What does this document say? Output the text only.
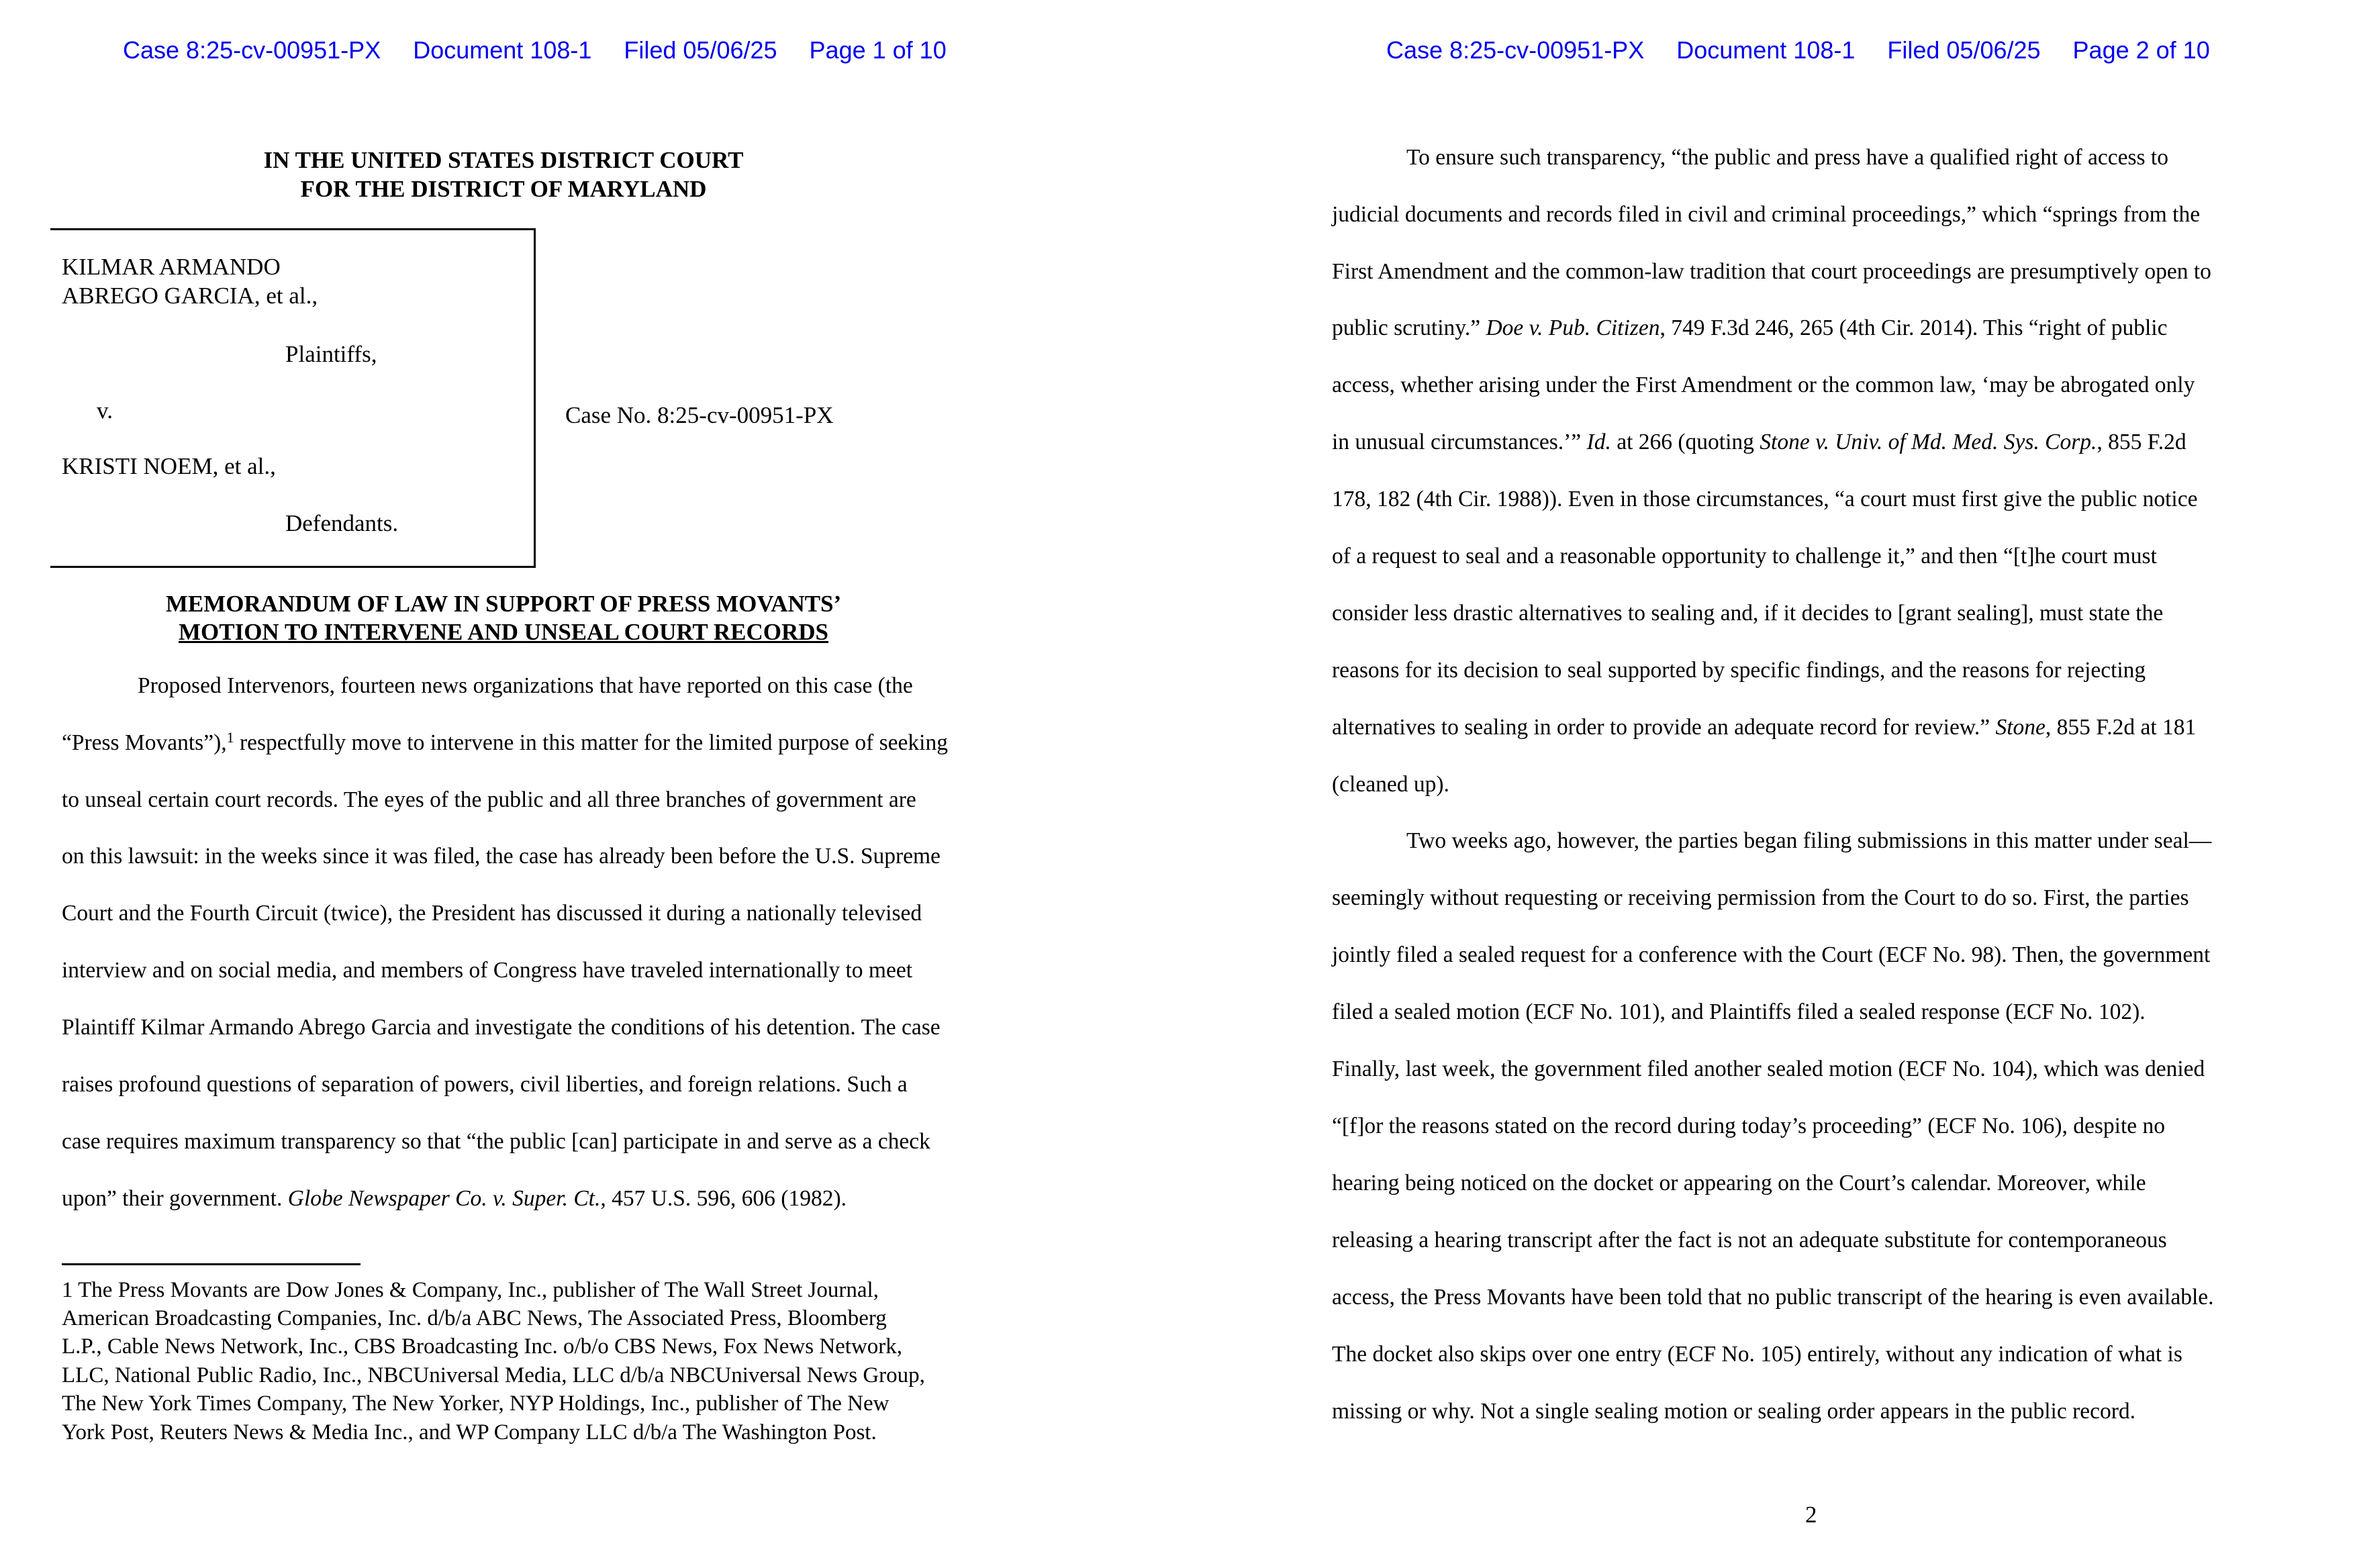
Case 8:25-cv-00951-PX Document 108-1 Filed 05/06/25 Page 1 of 10
IN THE UNITED STATES DISTRICT COURT
FOR THE DISTRICT OF MARYLAND
KILMAR ARMANDO
ABREGO GARCIA, et al.,
Plaintiffs,
v.
KRISTI NOEM, et al.,
Defendants.
Case No. 8:25-cv-00951-PX
MEMORANDUM OF LAW IN SUPPORT OF PRESS MOVANTS’
MOTION TO INTERVENE AND UNSEAL COURT RECORDS
Proposed Intervenors, fourteen news organizations that have reported on this case (the
“Press Movants”),$^1$ respectfully move to intervene in this matter for the limited purpose of seeking
to unseal certain court records. The eyes of the public and all three branches of government are
on this lawsuit: in the weeks since it was filed, the case has already been before the U.S. Supreme
Court and the Fourth Circuit (twice), the President has discussed it during a nationally televised
interview and on social media, and members of Congress have traveled internationally to meet
Plaintiff Kilmar Armando Abrego Garcia and investigate the conditions of his detention. The case
raises profound questions of separation of powers, civil liberties, and foreign relations. Such a
case requires maximum transparency so that “the public [can] participate in and serve as a check
upon” their government. Globe Newspaper Co. v. Super. Ct., 457 U.S. 596, 606 (1982).
1 The Press Movants are Dow Jones & Company, Inc., publisher of The Wall Street Journal,
American Broadcasting Companies, Inc. d/b/a ABC News, The Associated Press, Bloomberg
L.P., Cable News Network, Inc., CBS Broadcasting Inc. o/b/o CBS News, Fox News Network,
LLC, National Public Radio, Inc., NBCUniversal Media, LLC d/b/a NBCUniversal News Group,
The New York Times Company, The New Yorker, NYP Holdings, Inc., publisher of The New
York Post, Reuters News & Media Inc., and WP Company LLC d/b/a The Washington Post.
Case 8:25-cv-00951-PX Document 108-1 Filed 05/06/25 Page 2 of 10
To ensure such transparency, “the public and press have a qualified right of access to
judicial documents and records filed in civil and criminal proceedings,” which “springs from the
First Amendment and the common-law tradition that court proceedings are presumptively open to
public scrutiny.” Doe v. Pub. Citizen, 749 F.3d 246, 265 (4th Cir. 2014). This “right of public
access, whether arising under the First Amendment or the common law, ‘may be abrogated only
in unusual circumstances.’” Id. at 266 (quoting Stone v. Univ. of Md. Med. Sys. Corp., 855 F.2d
178, 182 (4th Cir. 1988)). Even in those circumstances, “a court must first give the public notice
of a request to seal and a reasonable opportunity to challenge it,” and then “[t]he court must
consider less drastic alternatives to sealing and, if it decides to [grant sealing], must state the
reasons for its decision to seal supported by specific findings, and the reasons for rejecting
alternatives to sealing in order to provide an adequate record for review.” Stone, 855 F.2d at 181
(cleaned up).
Two weeks ago, however, the parties began filing submissions in this matter under seal—
seemingly without requesting or receiving permission from the Court to do so. First, the parties
jointly filed a sealed request for a conference with the Court (ECF No. 98). Then, the government
filed a sealed motion (ECF No. 101), and Plaintiffs filed a sealed response (ECF No. 102).
Finally, last week, the government filed another sealed motion (ECF No. 104), which was denied
“[f]or the reasons stated on the record during today’s proceeding” (ECF No. 106), despite no
hearing being noticed on the docket or appearing on the Court’s calendar. Moreover, while
releasing a hearing transcript after the fact is not an adequate substitute for contemporaneous
access, the Press Movants have been told that no public transcript of the hearing is even available.
The docket also skips over one entry (ECF No. 105) entirely, without any indication of what is
missing or why. Not a single sealing motion or sealing order appears in the public record.
2
